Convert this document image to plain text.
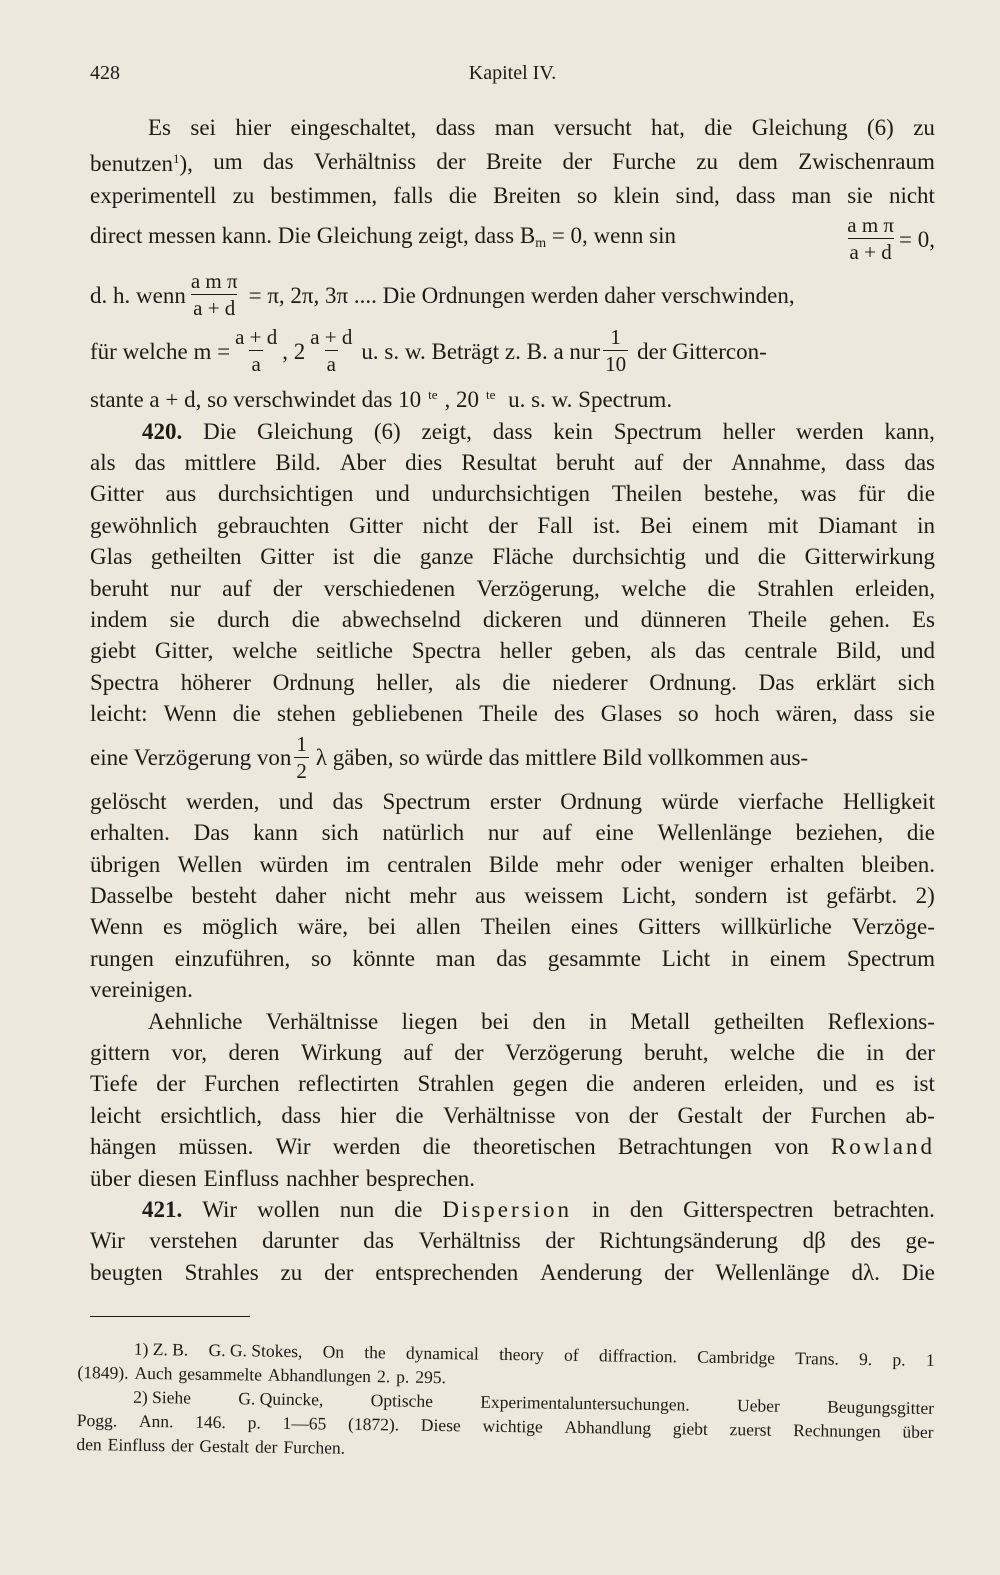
428	Kapitel IV.
Es sei hier eingeschaltet, dass man versucht hat, die Gleichung (6) zu
benutzen$^1$), um das Verhältniss der Breite der Furche zu dem Zwischenraum
experimentell zu bestimmen, falls die Breiten so klein sind, dass man sie nicht
direct messen kann. Die Gleichung zeigt, dass $B_m = 0$, wenn sin	$\frac{\text{a m π}}{a + d} = 0$,
d. h. wenn $\frac{\text{a m π}}{a + d} = \pi$, 2π, 3π .... Die Ordnungen werden daher verschwinden,
für welche $m = \frac{a + d}{a}$ , $2 \frac{a + d}{a} u$. s. w. Beträgt z. B. a nur $\frac{1}{10}$ der Gittercon-
stante a + d, so verschwindet das 10 $^{te}$ , 20 $^{te}$ u. s. w. Spectrum.
420. Die Gleichung (6) zeigt, dass kein Spectrum heller werden kann,
als das mittlere Bild. Aber dies Resultat beruht auf der Annahme, dass das
Gitter aus durchsichtigen und undurchsichtigen Theilen bestehe, was für die
gewöhnlich gebrauchten Gitter nicht der Fall ist. Bei einem mit Diamant in
Glas getheilten Gitter ist die ganze Fläche durchsichtig und die Gitterwirkung
beruht nur auf der verschiedenen Verzögerung, welche die Strahlen erleiden,
indem sie durch die abwechselnd dickeren und dünneren Theile gehen. Es
giebt Gitter, welche seitliche Spectra heller geben, als das centrale Bild, und
Spectra höherer Ordnung heller, als die niederer Ordnung. Das erklärt sich
leicht: Wenn die stehen gebliebenen Theile des Glases so hoch wären, dass sie
eine Verzögerung von $\frac{1}{2}$ λ gäben, so würde das mittlere Bild vollkommen aus-
gelöscht werden, und das Spectrum erster Ordnung würde vierfache Helligkeit
erhalten. Das kann sich natürlich nur auf eine Wellenlänge beziehen, die
übrigen Wellen würden im centralen Bilde mehr oder weniger erhalten bleiben.
Dasselbe besteht daher nicht mehr aus weissem Licht, sondern ist gefärbt. 2)
Wenn es möglich wäre, bei allen Theilen eines Gitters willkürliche Verzöge-
rungen einzuführen, so könnte man das gesammte Licht in einem Spectrum
vereinigen.
Aehnliche Verhältnisse liegen bei den in Metall getheilten Reflexions-
gittern vor, deren Wirkung auf der Verzögerung beruht, welche die in der
Tiefe der Furchen reflectirten Strahlen gegen die anderen erleiden, und es ist
leicht ersichtlich, dass hier die Verhältnisse von der Gestalt der Furchen ab-
hängen müssen. Wir werden die theoretischen Betrachtungen von Rowland
über diesen Einfluss nachher besprechen.
421. Wir wollen nun die Dispersion in den Gitterspectren betrachten.
Wir verstehen darunter das Verhältniss der Richtungsänderung dβ des ge-
beugten Strahles zu der entsprechenden Aenderung der Wellenlänge dλ. Die
1) Z. B. G. G. Stokes, On the dynamical theory of diffraction. Cambridge Trans. 9. p. 1
(1849). Auch gesammelte Abhandlungen 2. p. 295.
2) Siehe	G. Quincke,	Optische	Experimentaluntersuchungen.	Ueber	Beugungsgitter
Pogg. Ann. 146. p. 1—65 (1872). Diese wichtige Abhandlung giebt zuerst Rechnungen über
den Einfluss der Gestalt der Furchen.
